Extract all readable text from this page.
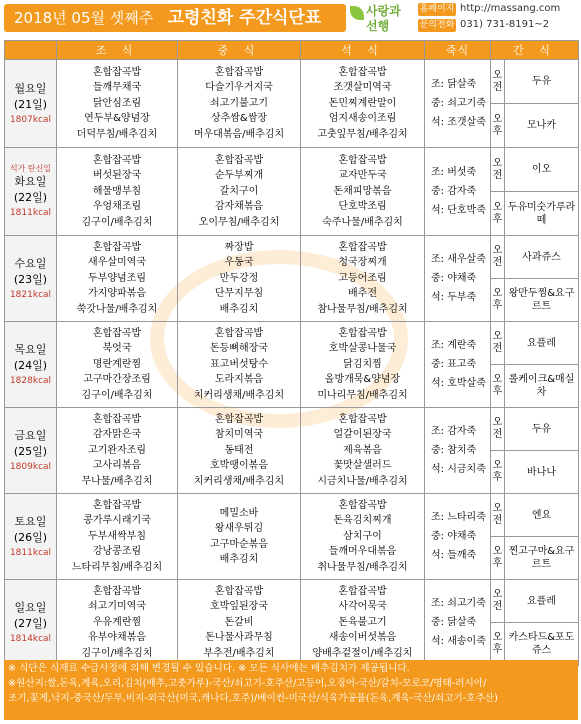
2018년 05월 셋째주 고령친화 주간식단표	사랑과
선행
홈페이지 http://massang.com
문의전화 031) 731-8191~2
	조 식	중 식	석 식	죽식	간 식	

월요일
(21일)
1807kcal	혼합잡곡밥
들깨무채국
닭안심조림
연두부&양념장
더덕무침/배추김치	혼합잡곡밥
다슬기우거지국
쇠고기불고기
상추쌈&쌈장
머우대볶음/배추김치	혼합잡곡밥
조갯살미역국
돈민찌계란말이
엄지새송이조림
고춧잎무침/배추김치	조: 닭살죽
중: 쇠고기죽
석: 조갯살죽	오전	두유
					오후	모나카

석가 탄신일
화요일
(22일)
1811kcal	혼합잡곡밥
버섯된장국
해물맹부침
우엉채조림
김구이/배추김치	혼합잡곡밥
순두부찌개
갈치구이
감자채볶음
오이무침/배추김치	혼합잡곡밥
교자만두국
돈채피망볶음
단호박조림
숙주나물/배추김치	조: 버섯죽
중: 감자죽
석: 단호박죽	오전	이오
					오후	두유미숫가루라떼

수요일
(23일)
1821kcal	혼합잡곡밥
새우살미역국
두부양념조림
가지양파볶음
쑥갓나물/배추김치	짜장밥
우동국
만두강정
단무지무침
배추김치	혼합잡곡밥
청국장찌개
고등어조림
배추전
참나물무침/배추김치	조: 새우살죽
중: 야채죽
석: 두부죽	오전	사과쥬스
					오후	왕만두찜&요구르트

목요일
(24일)
1828kcal	혼합잡곡밥
북엇국
명란계란찜
고구마간장조림
김구이/배추김치	혼합잡곡밥
돈등뼈해장국
표고버섯탕수
도라지볶음
치커리생채/배추김치	혼합잡곡밥
호박살콩나물국
닭김치찜
올방개묵&양념장
미나리무침/배추김치	조: 계란죽
중: 표고죽
석: 호박살죽	오전	요플레
					오후	롤케이크&매실차

금요일
(25일)
1809kcal	혼합잡곡밥
감자맑은국
고기완자조림
고사리볶음
무나물/배추김치	혼합잡곡밥
참치미역국
동태전
호박땡이볶음
치커리생채/배추김치	혼합잡곡밥
얼갈이된장국
제육볶음
꽃맛살샐러드
시금치나물/배추김치	조: 감자죽
중: 참치죽
석: 시금치죽	오전	두유
					오후	바나나

토요일
(26일)
1811kcal	혼합잡곡밥
콩가루시래기국
두부새싹부침
강낭콩조림
느타리무침/배추김치	메밀소바
왕새우튀김
고구마순볶음
배추김치	혼합잡곡밥
돈육김치찌개
삼치구이
들깨머우대볶음
취나물무침/배추김치	조: 느타리죽
중: 야채죽
석: 들깨죽	오전	엔요
					오후	찐고구마&요구르트

일요일
(27일)
1814kcal	혼합잡곡밥
쇠고기미역국
우유계란찜
유부야채볶음
김구이/배추김치	혼합잡곡밥
호박잎된장국
돈갈비
돈나물사과무침
부추전/배추김치	혼합잡곡밥
사각어묵국
돈육불고기
새송이버섯볶음
양배추겉절이/배추김치	조: 쇠고기죽
중: 닭살죽
석: 새송이죽	오전	요플레
					오후	카스타드&포도쥬스
※ 식단은 식재료 수급사정에 의해 변경될 수 있습니다. ※ 모든 식사에는 배추김치가 제공됩니다.
※원산지:쌀,돈육,계육,오리,김치(배추,고춧가루)-국산/쇠고기-호주산/고등어,오징어-국산/갈치-모로코/명태-러시아/
조기,꽃게,낙지-중국산/두부,비지-외국산(미국,캐나다,호주)/베이컨-미국산/식육가공품(돈육,계육-국산/쇠고기-호주산)
